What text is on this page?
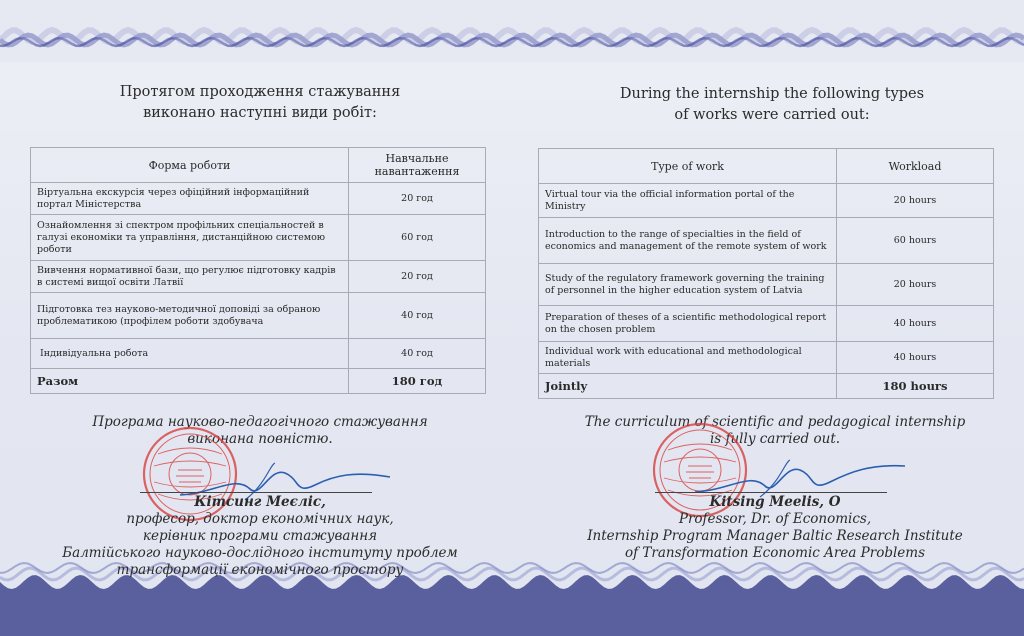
Протягом проходження стажування
виконано наступні види робіт:
Форма роботи	Навчальне навантаження
Віртуальна екскурсія через офіційний інформаційний портал Міністерства	20 год
Ознайомлення зі спектром профільних спеціальностей в галузі економіки та управління, дистанційною системою роботи	60 год
Вивчення нормативної бази, що регулює підготовку кадрів в системі вищої освіти Латвії	20 год
Підготовка тез науково-методичної доповіді за обраною проблематикою (профілем роботи здобувача	40 год
Індивідуальна робота	40 год
Разом	180 год
Програма науково-педагогічного стажування
виконана повністю.
Кітсинг Меєліс,
професор, доктор економічних наук,
керівник програми стажування
Балтійського науково-дослідного інституту проблем
трансформації економічного простору
During the internship the following types
of works were carried out:
Type of work	Workload
Virtual tour via the official information portal of the Ministry	20 hours
Introduction to the range of specialties in the field of economics and management of the remote system of work	60 hours
Study of the regulatory framework governing the training of personnel in the higher education system of Latvia	20 hours
Preparation of theses of a scientific methodological report on the chosen problem	40 hours
Individual work with educational and methodological materials	40 hours
Jointly	180 hours
The curriculum of scientific and pedagogical internship
is fully carried out.
Kitsing Meelis, O
Professor, Dr. of Economics,
Internship Program Manager Baltic Research Institute
of Transformation Economic Area Problems
